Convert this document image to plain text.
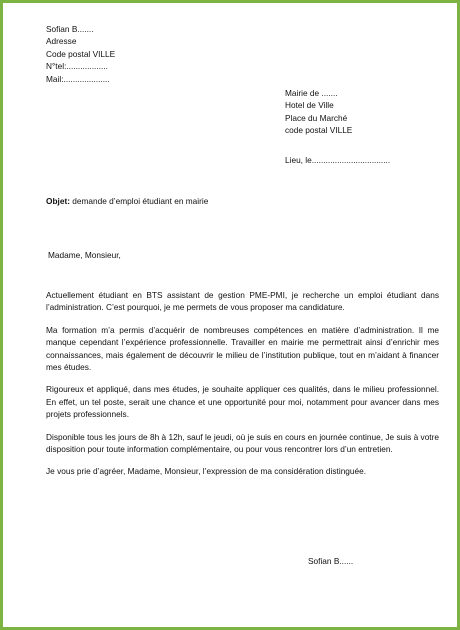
Sofian B.......
Adresse
Code postal VILLE
N°tel:..................
Mail:....................
Mairie de .......
Hotel de Ville
Place du Marché
code postal VILLE
Lieu, le..................................
Objet: demande d’emploi étudiant en mairie
Madame, Monsieur,

Actuellement étudiant en BTS assistant de gestion PME-PMI, je recherche un emploi étudiant dans l’administration. C’est pourquoi, je me permets de vous proposer ma candidature.

Ma formation m’a permis d’acquérir de nombreuses compétences en matière d’administration. Il me manque cependant l’expérience professionnelle. Travailler en mairie me permettrait ainsi d’enrichir mes connaissances, mais également de découvrir le milieu de l’institution publique, tout en m’aidant à financer mes études.

Rigoureux et appliqué, dans mes études, je souhaite appliquer ces qualités, dans le milieu professionnel. En effet, un tel poste, serait une chance et une opportunité pour moi, notamment pour avancer dans mes projets professionnels.

Disponible tous les jours de 8h à 12h, sauf le jeudi, où je suis en cours en journée continue, Je suis à votre disposition pour toute information complémentaire, ou pour vous rencontrer lors d’un entretien.

Je vous prie d’agréer, Madame, Monsieur, l’expression de ma considération distinguée.

Sofian B......
